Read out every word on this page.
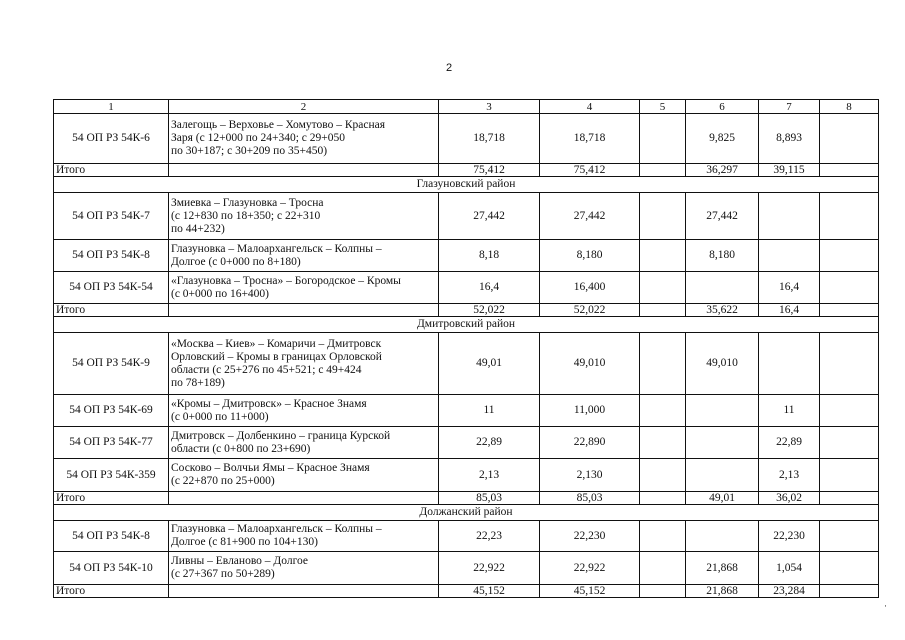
2
1	2	3	4	5	6	7	8
54 ОП РЗ 54К-6	Залегощь – Верховье – Хомутово – Красная
Заря (с 12+000 по 24+340; с 29+050
по 30+187; с 30+209 по 35+450)	18,718	18,718		9,825	8,893	
Итого		75,412	75,412		36,297	39,115	
Глазуновский район							
54 ОП РЗ 54К-7	Змиевка – Глазуновка – Тросна
(с 12+830 по 18+350; с 22+310
по 44+232)	27,442	27,442		27,442		
54 ОП РЗ 54К-8	Глазуновка – Малоархангельск – Колпны –
Долгое (с 0+000 по 8+180)	8,18	8,180		8,180		
54 ОП РЗ 54К-54	«Глазуновка – Тросна» – Богородское – Кромы
(с 0+000 по 16+400)	16,4	16,400			16,4	
Итого		52,022	52,022		35,622	16,4	
Дмитровский район							
54 ОП РЗ 54К-9	«Москва – Киев» – Комаричи – Дмитровск
Орловский – Кромы в границах Орловской
области (с 25+276 по 45+521; с 49+424
по 78+189)	49,01	49,010		49,010		
54 ОП РЗ 54К-69	«Кромы – Дмитровск» – Красное Знамя
(с 0+000 по 11+000)	11	11,000			11	
54 ОП РЗ 54К-77	Дмитровск – Долбенкино – граница Курской
области (с 0+800 по 23+690)	22,89	22,890			22,89	
54 ОП РЗ 54К-359	Сосково – Волчьи Ямы – Красное Знамя
(с 22+870 по 25+000)	2,13	2,130			2,13	
Итого		85,03	85,03		49,01	36,02	
Должанский район							
54 ОП РЗ 54К-8	Глазуновка – Малоархангельск – Колпны –
Долгое (с 81+900 по 104+130)	22,23	22,230			22,230	
54 ОП РЗ 54К-10	Ливны – Евланово – Долгое
(с 27+367 по 50+289)	22,922	22,922		21,868	1,054	
Итого		45,152	45,152		21,868	23,284	
·
